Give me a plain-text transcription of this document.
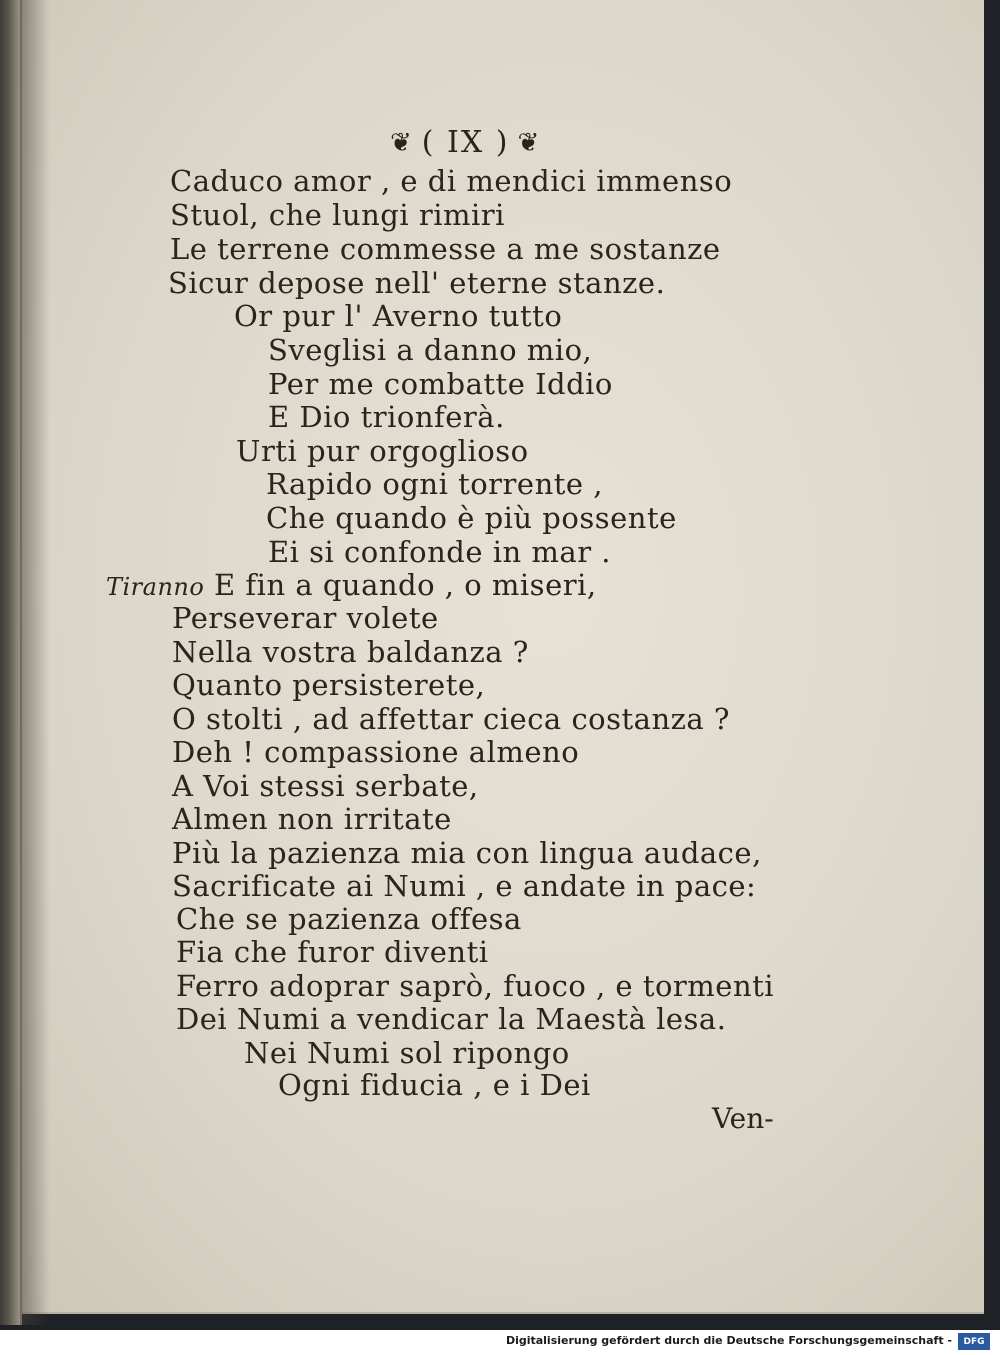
❦ ( IX ) ❦
Caduco amor , e di mendici immenso
Stuol, che lungi rimiri
Le terrene commesse a me sostanze
Sicur depose nell' eterne stanze.
Or pur l' Averno tutto
Sveglisi a danno mio,
Per me combatte Iddio
E Dio trionferà.
Urti pur orgoglioso
Rapido ogni torrente ,
Che quando è più possente
Ei si confonde in mar .
Tiranno E fin a quando , o miseri,
Perseverar volete
Nella vostra baldanza ?
Quanto persisterete,
O stolti , ad affettar cieca costanza ?
Deh ! compassione almeno
A Voi stessi serbate,
Almen non irritate
Più la pazienza mia con lingua audace,
Sacrificate ai Numi , e andate in pace:
Che se pazienza offesa
Fia che furor diventi
Ferro adoprar saprò, fuoco , e tormenti
Dei Numi a vendicar la Maestà lesa.
Nei Numi sol ripongo
Ogni fiducia , e i Dei
Ven-
Digitalisierung gefördert durch die Deutsche Forschungsgemeinschaft -	DFG
